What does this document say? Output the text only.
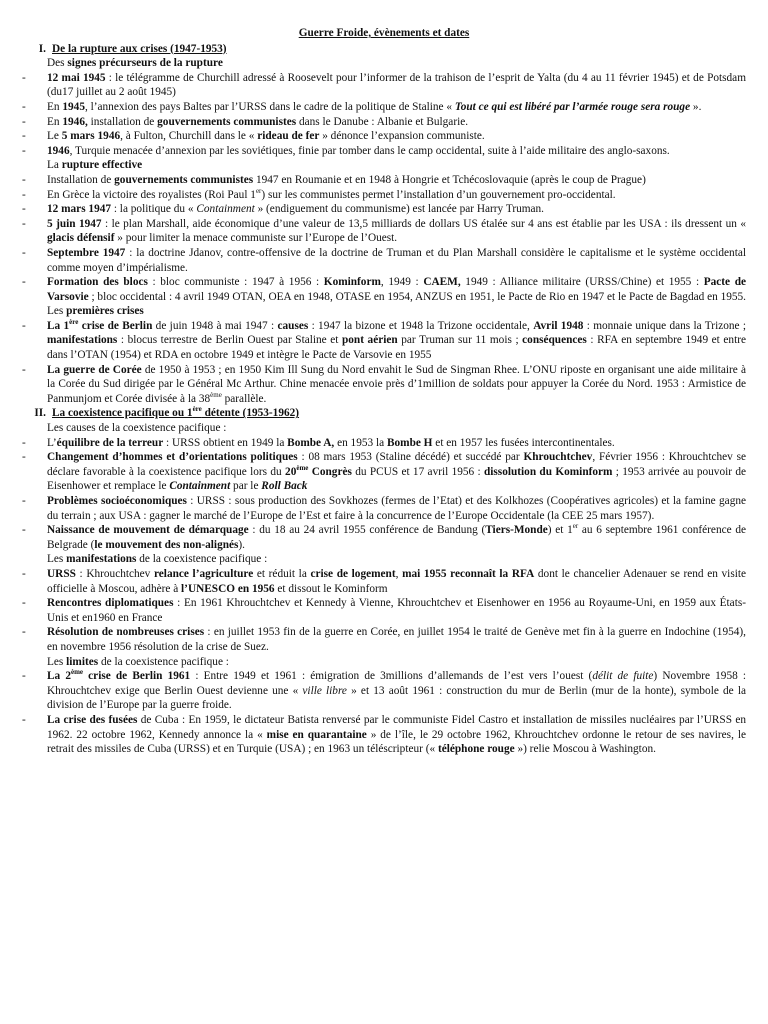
Guerre Froide, évènements et dates
I. De la rupture aux crises (1947-1953)
Des signes précurseurs de la rupture
-	12 mai 1945 : le télégramme de Churchill adressé à Roosevelt pour l’informer de la trahison de l’esprit de Yalta (du 4 au 11 février 1945) et de Potsdam (du17 juillet au 2 août 1945)
-	En 1945, l’annexion des pays Baltes par l’URSS dans le cadre de la politique de Staline « Tout ce qui est libéré par l’armée rouge sera rouge ».
-	En 1946, installation de gouvernements communistes dans le Danube : Albanie et Bulgarie.
-	Le 5 mars 1946, à Fulton, Churchill dans le « rideau de fer » dénonce l’expansion communiste.
-	1946, Turquie menacée d’annexion par les soviétiques, finie par tomber dans le camp occidental, suite à l’aide militaire des anglo-saxons.
La rupture effective
-	Installation de gouvernements communistes 1947 en Roumanie et en 1948 à Hongrie et Tchécoslovaquie (après le coup de Prague)
-	En Grèce la victoire des royalistes (Roi Paul 1er) sur les communistes permet l’installation d’un gouvernement pro-occidental.
-	12 mars 1947 : la politique du « Containment » (endiguement du communisme) est lancée par Harry Truman.
-	5 juin 1947 : le plan Marshall, aide économique d’une valeur de 13,5 milliards de dollars US étalée sur 4 ans est établie par les USA : ils dressent un « glacis défensif » pour limiter la menace communiste sur l’Europe de l’Ouest.
-	Septembre 1947 : la doctrine Jdanov, contre-offensive de la doctrine de Truman et du Plan Marshall considère le capitalisme et le système occidental comme moyen d’impérialisme.
-	Formation des blocs : bloc communiste : 1947 à 1956 : Kominform, 1949 : CAEM, 1949 : Alliance militaire (URSS/Chine) et 1955 : Pacte de Varsovie ; bloc occidental : 4 avril 1949 OTAN, OEA en 1948, OTASE en 1954, ANZUS en 1951, le Pacte de Rio en 1947 et le Pacte de Bagdad en 1955.
Les premières crises
-	La 1ère crise de Berlin de juin 1948 à mai 1947 : causes : 1947 la bizone et 1948 la Trizone occidentale, Avril 1948 : monnaie unique dans la Trizone ; manifestations : blocus terrestre de Berlin Ouest par Staline et pont aérien par Truman sur 11 mois ; conséquences : RFA en septembre 1949 et entre dans l’OTAN (1954) et RDA en octobre 1949 et intègre le Pacte de Varsovie en 1955
-	La guerre de Corée de 1950 à 1953 ; en 1950 Kim Ill Sung du Nord envahit le Sud de Singman Rhee. L’ONU riposte en organisant une aide militaire à la Corée du Sud dirigée par le Général Mc Arthur. Chine menacée envoie près d’1million de soldats pour appuyer la Corée du Nord. 1953 : Armistice de Panmunjom et Corée divisée à la 38ème parallèle.
II. La coexistence pacifique ou 1ère détente (1953-1962)
Les causes de la coexistence pacifique :
-	L’équilibre de la terreur : URSS obtient en 1949 la Bombe A, en 1953 la Bombe H et en 1957 les fusées intercontinentales.
-	Changement d’hommes et d’orientations politiques : 08 mars 1953 (Staline décédé) et succédé par Khrouchtchev, Février 1956 : Khrouchtchev se déclare favorable à la coexistence pacifique lors du 20ème Congrès du PCUS et 17 avril 1956 : dissolution du Kominform ; 1953 arrivée au pouvoir de Eisenhower et remplace le Containment par le Roll Back
-	Problèmes socioéconomiques : URSS : sous production des Sovkhozes (fermes de l’Etat) et des Kolkhozes (Coopératives agricoles) et la famine gagne du terrain ; aux USA : gagner le marché de l’Europe de l’Est et faire à la concurrence de l’Europe Occidentale (la CEE 25 mars 1957).
-	Naissance de mouvement de démarquage : du 18 au 24 avril 1955 conférence de Bandung (Tiers-Monde) et 1er au 6 septembre 1961 conférence de Belgrade (le mouvement des non-alignés).
Les manifestations de la coexistence pacifique :
-	URSS : Khrouchtchev relance l’agriculture et réduit la crise de logement, mai 1955 reconnaît la RFA dont le chancelier Adenauer se rend en visite officielle à Moscou, adhère à l’UNESCO en 1956 et dissout le Kominform
-	Rencontres diplomatiques : En 1961 Khrouchtchev et Kennedy à Vienne, Khrouchtchev et Eisenhower en 1956 au Royaume-Uni, en 1959 aux États-Unis et en1960 en France
-	Résolution de nombreuses crises : en juillet 1953 fin de la guerre en Corée, en juillet 1954 le traité de Genève met fin à la guerre en Indochine (1954), en novembre 1956 résolution de la crise de Suez.
Les limites de la coexistence pacifique :
-	La 2ème crise de Berlin 1961 : Entre 1949 et 1961 : émigration de 3millions d’allemands de l’est vers l’ouest (délit de fuite) Novembre 1958 : Khrouchtchev exige que Berlin Ouest devienne une « ville libre » et 13 août 1961 : construction du mur de Berlin (mur de la honte), symbole de la division de l’Europe par la guerre froide.
-	La crise des fusées de Cuba : En 1959, le dictateur Batista renversé par le communiste Fidel Castro et installation de missiles nucléaires par l’URSS en 1962. 22 octobre 1962, Kennedy annonce la « mise en quarantaine » de l’île, le 29 octobre 1962, Khrouchtchev ordonne le retour de ses navires, le retrait des missiles de Cuba (URSS) et en Turquie (USA) ; en 1963 un téléscripteur (« téléphone rouge ») relie Moscou à Washington.
